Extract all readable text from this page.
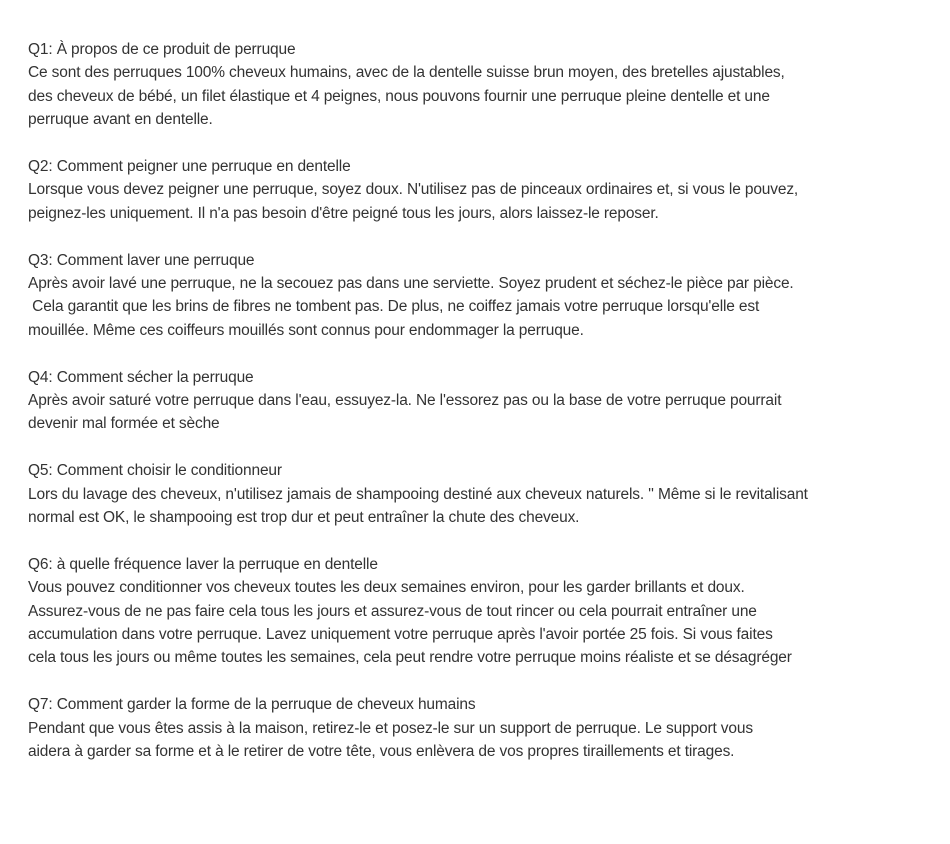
Q1: À propos de ce produit de perruque
Ce sont des perruques 100% cheveux humains, avec de la dentelle suisse brun moyen, des bretelles ajustables,
des cheveux de bébé, un filet élastique et 4 peignes, nous pouvons fournir une perruque pleine dentelle et une
perruque avant en dentelle.
Q2: Comment peigner une perruque en dentelle
Lorsque vous devez peigner une perruque, soyez doux. N'utilisez pas de pinceaux ordinaires et, si vous le pouvez,
peignez-les uniquement. Il n'a pas besoin d'être peigné tous les jours, alors laissez-le reposer.
Q3: Comment laver une perruque
Après avoir lavé une perruque, ne la secouez pas dans une serviette. Soyez prudent et séchez-le pièce par pièce.
Cela garantit que les brins de fibres ne tombent pas. De plus, ne coiffez jamais votre perruque lorsqu'elle est
mouillée. Même ces coiffeurs mouillés sont connus pour endommager la perruque.
Q4: Comment sécher la perruque
Après avoir saturé votre perruque dans l'eau, essuyez-la. Ne l'essorez pas ou la base de votre perruque pourrait
devenir mal formée et sèche
Q5: Comment choisir le conditionneur
Lors du lavage des cheveux, n'utilisez jamais de shampooing destiné aux cheveux naturels. '' Même si le revitalisant
normal est OK, le shampooing est trop dur et peut entraîner la chute des cheveux.
Q6: à quelle fréquence laver la perruque en dentelle
Vous pouvez conditionner vos cheveux toutes les deux semaines environ, pour les garder brillants et doux.
Assurez-vous de ne pas faire cela tous les jours et assurez-vous de tout rincer ou cela pourrait entraîner une
accumulation dans votre perruque. Lavez uniquement votre perruque après l'avoir portée 25 fois. Si vous faites
cela tous les jours ou même toutes les semaines, cela peut rendre votre perruque moins réaliste et se désagréger
Q7: Comment garder la forme de la perruque de cheveux humains
Pendant que vous êtes assis à la maison, retirez-le et posez-le sur un support de perruque. Le support vous
aidera à garder sa forme et à le retirer de votre tête, vous enlèvera de vos propres tiraillements et tirages.
